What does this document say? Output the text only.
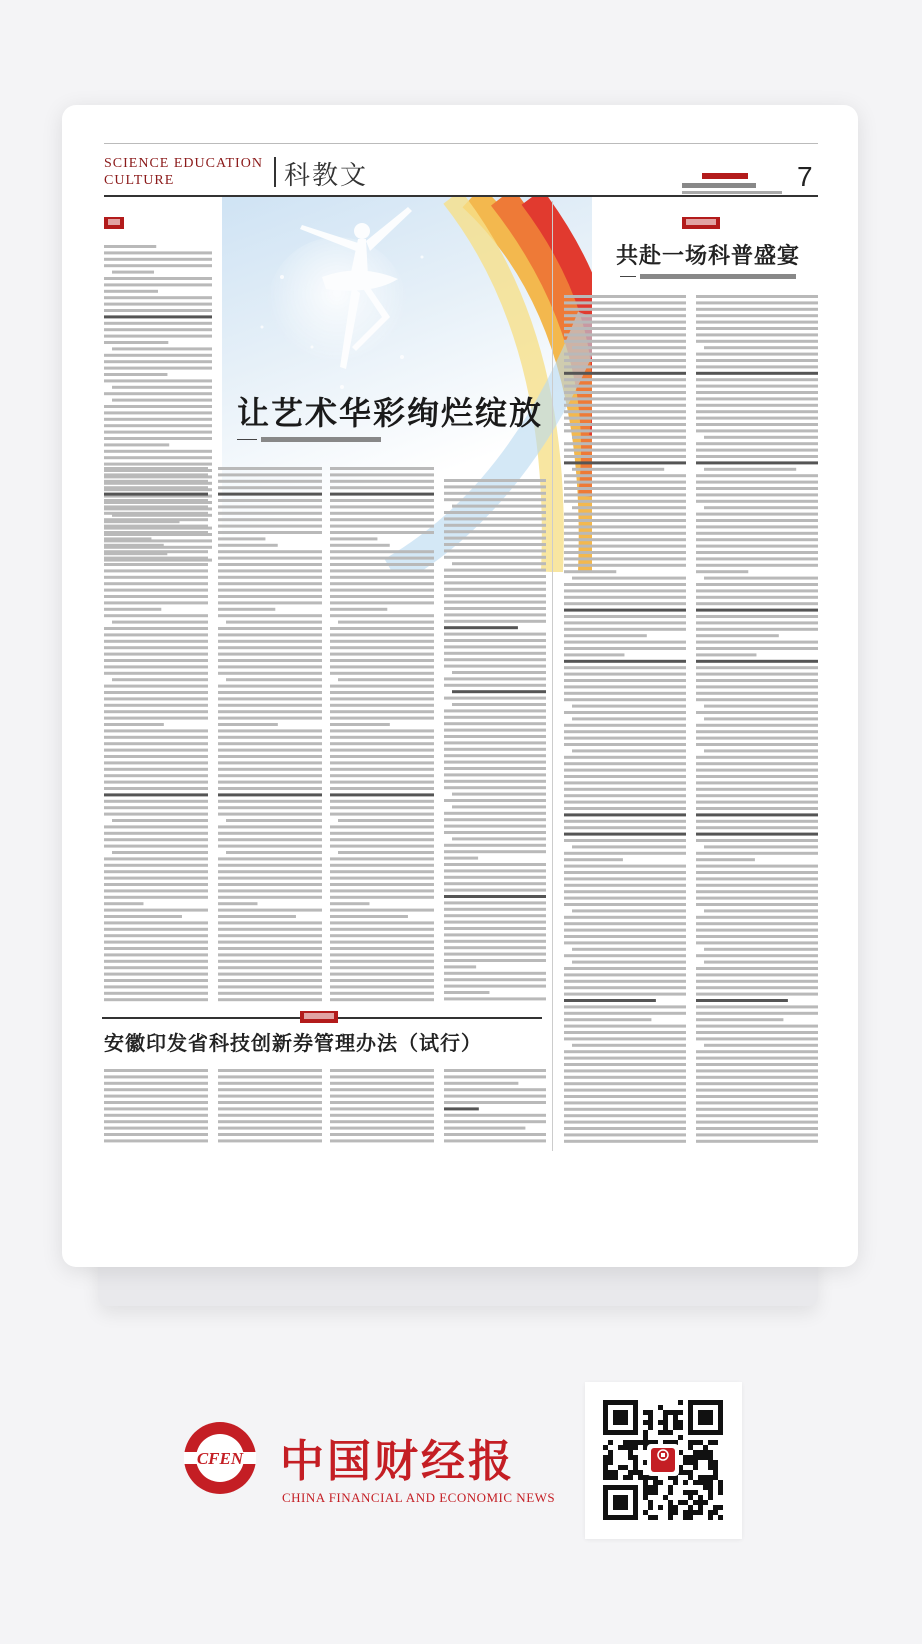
SCIENCE EDUCATION
CULTURE	科教文	7
让艺术华彩绚烂绽放
共赴一场科普盛宴
安徽印发省科技创新券管理办法（试行）
CFEN 中国财经报
CHINA FINANCIAL AND ECONOMIC NEWS
